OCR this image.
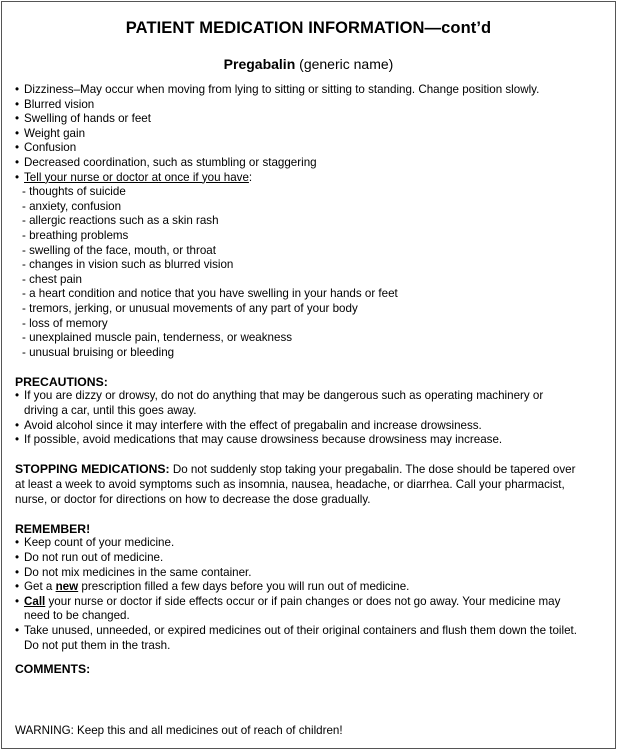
PATIENT MEDICATION INFORMATION—cont’d
Pregabalin (generic name)
• Dizziness–May occur when moving from lying to sitting or sitting to standing. Change position slowly.
• Blurred vision
• Swelling of hands or feet
• Weight gain
• Confusion
• Decreased coordination, such as stumbling or staggering
• Tell your nurse or doctor at once if you have:
- thoughts of suicide
- anxiety, confusion
- allergic reactions such as a skin rash
- breathing problems
- swelling of the face, mouth, or throat
- changes in vision such as blurred vision
- chest pain
- a heart condition and notice that you have swelling in your hands or feet
- tremors, jerking, or unusual movements of any part of your body
- loss of memory
- unexplained muscle pain, tenderness, or weakness
- unusual bruising or bleeding
PRECAUTIONS:
• If you are dizzy or drowsy, do not do anything that may be dangerous such as operating machinery or
driving a car, until this goes away.
• Avoid alcohol since it may interfere with the effect of pregabalin and increase drowsiness.
• If possible, avoid medications that may cause drowsiness because drowsiness may increase.
STOPPING MEDICATIONS: Do not suddenly stop taking your pregabalin. The dose should be tapered over
at least a week to avoid symptoms such as insomnia, nausea, headache, or diarrhea. Call your pharmacist,
nurse, or doctor for directions on how to decrease the dose gradually.
REMEMBER!
• Keep count of your medicine.
• Do not run out of medicine.
• Do not mix medicines in the same container.
• Get a new prescription filled a few days before you will run out of medicine.
• Call your nurse or doctor if side effects occur or if pain changes or does not go away. Your medicine may
need to be changed.
• Take unused, unneeded, or expired medicines out of their original containers and flush them down the toilet.
Do not put them in the trash.
COMMENTS:
WARNING: Keep this and all medicines out of reach of children!
